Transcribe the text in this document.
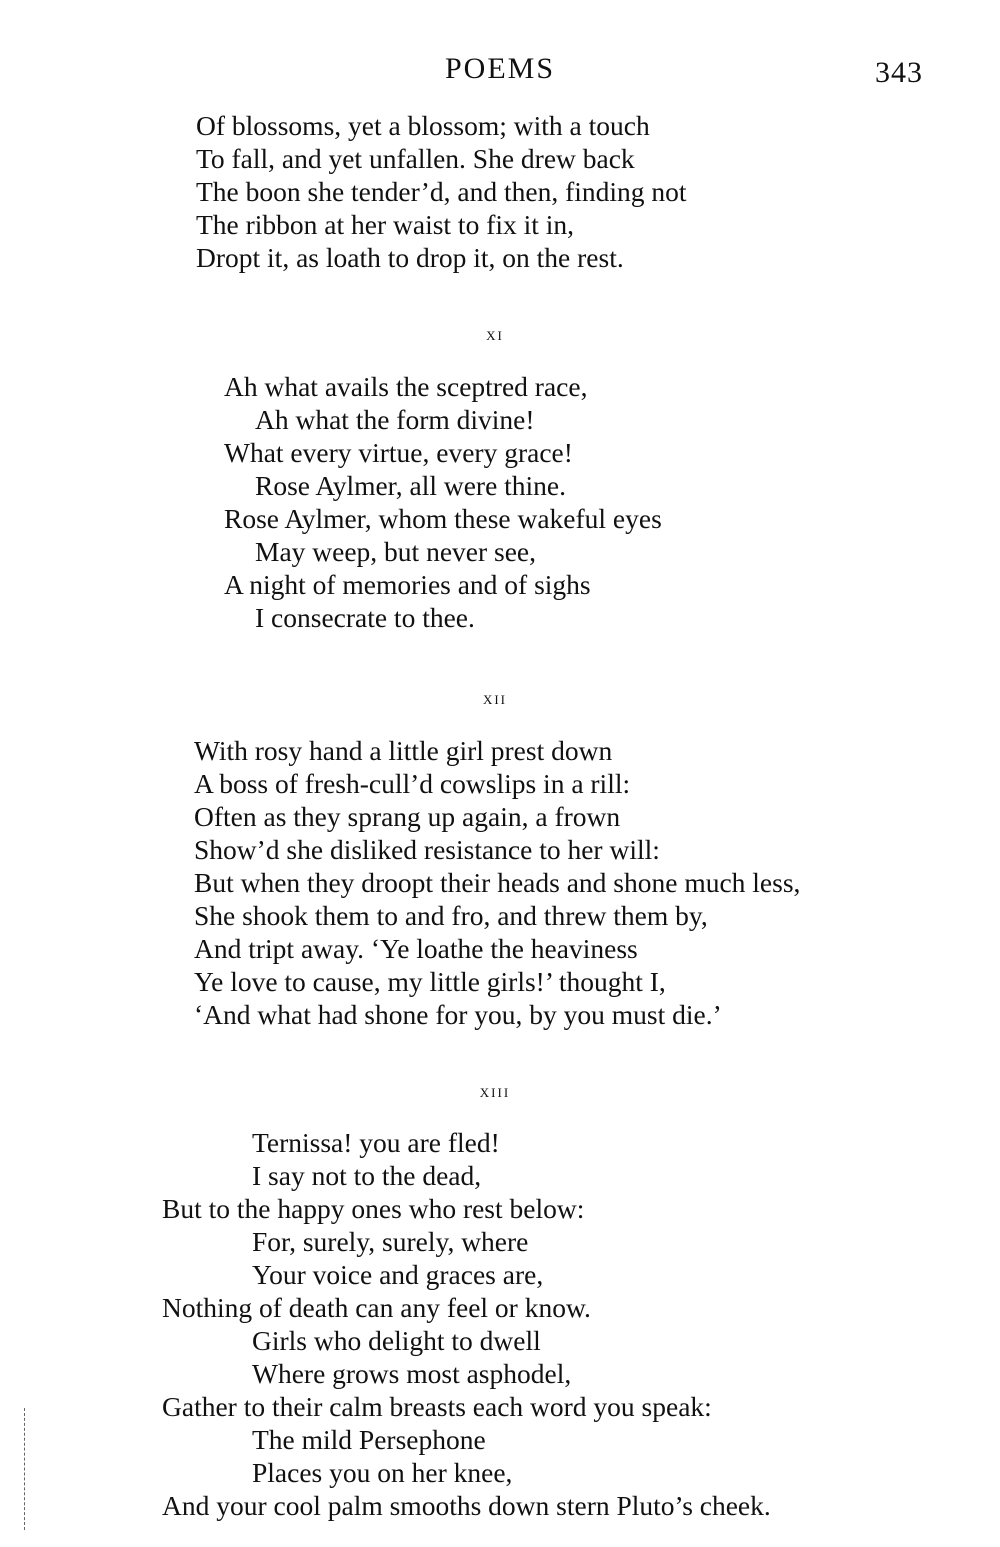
POEMS	343
Of blossoms, yet a blossom; with a touch
To fall, and yet unfallen. She drew back
The boon she tender’d, and then, finding not
The ribbon at her waist to fix it in,
Dropt it, as loath to drop it, on the rest.
xi
Ah what avails the sceptred race,
Ah what the form divine!
What every virtue, every grace!
Rose Aylmer, all were thine.
Rose Aylmer, whom these wakeful eyes
May weep, but never see,
A night of memories and of sighs
I consecrate to thee.
xii
With rosy hand a little girl prest down
A boss of fresh-cull’d cowslips in a rill:
Often as they sprang up again, a frown
Show’d she disliked resistance to her will:
But when they droopt their heads and shone much less,
She shook them to and fro, and threw them by,
And tript away. ‘Ye loathe the heaviness
Ye love to cause, my little girls!’ thought I,
‘And what had shone for you, by you must die.’
xiii
Ternissa! you are fled!
I say not to the dead,
But to the happy ones who rest below:
For, surely, surely, where
Your voice and graces are,
Nothing of death can any feel or know.
Girls who delight to dwell
Where grows most asphodel,
Gather to their calm breasts each word you speak:
The mild Persephone
Places you on her knee,
And your cool palm smooths down stern Pluto’s cheek.
